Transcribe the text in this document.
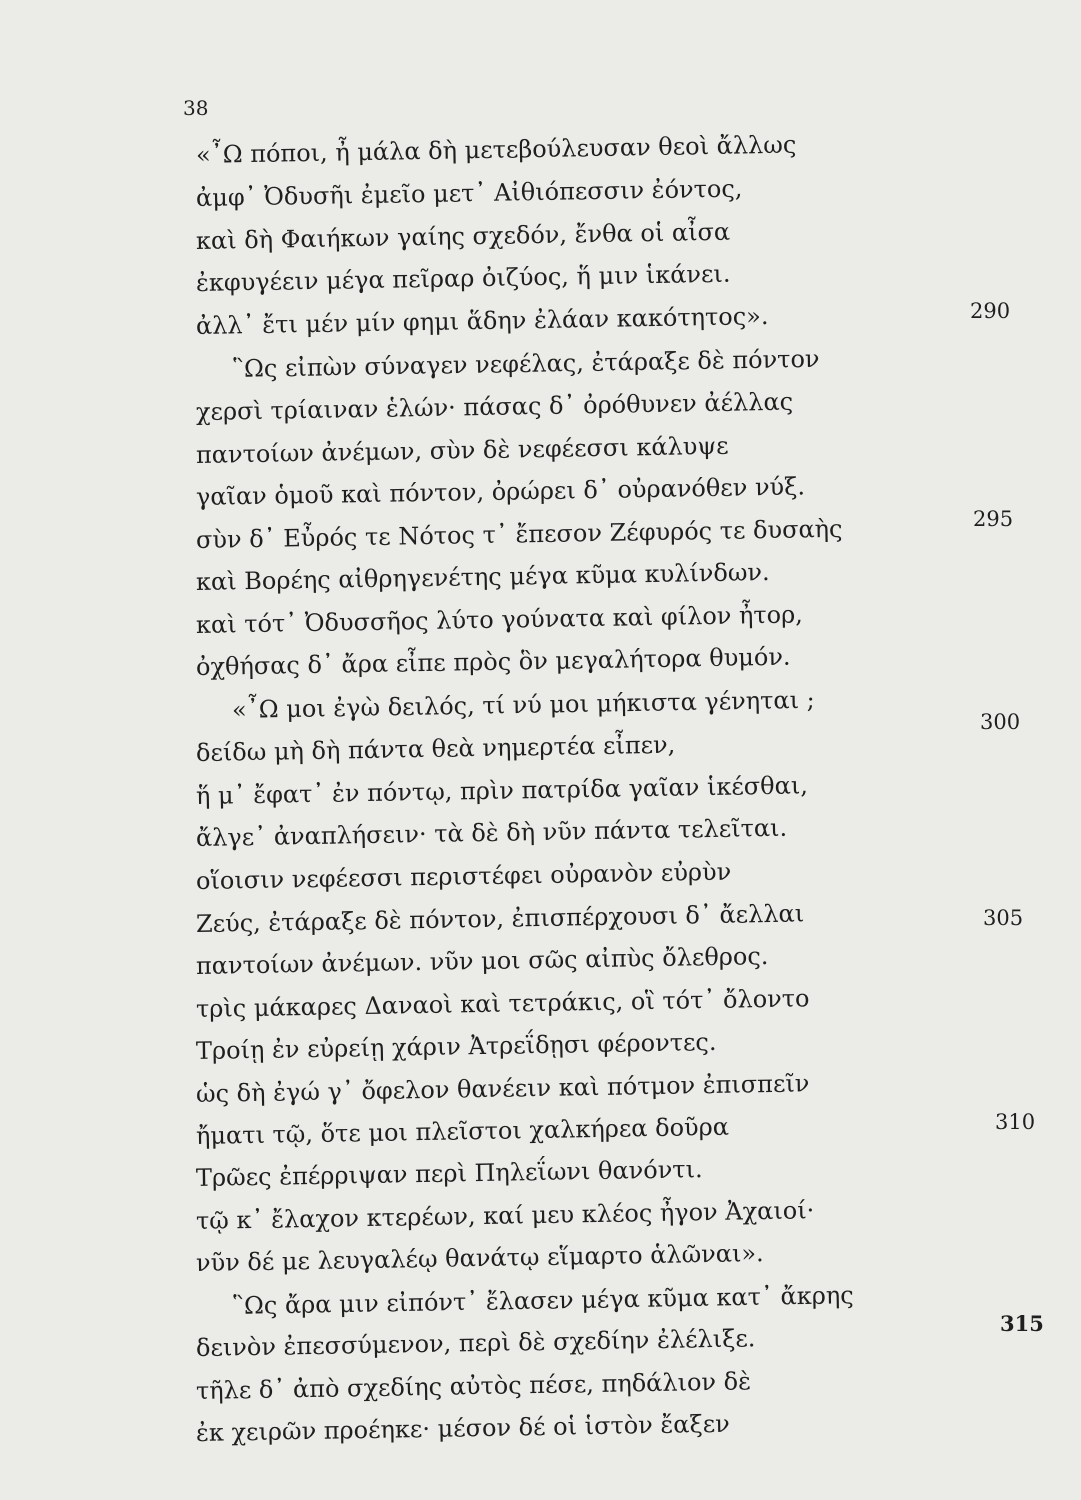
38
«῏Ω πόποι, ἦ μάλα δὴ μετεβούλευσαν θεοὶ ἄλλως
ἀμφ᾽ Ὀδυσῆι ἐμεῖο μετ᾽ Αἰθιόπεσσιν ἐόντος,
καὶ δὴ Φαιήκων γαίης σχεδόν, ἔνθα οἱ αἶσα
ἐκφυγέειν μέγα πεῖραρ ὀιζύος, ἥ μιν ἱκάνει.
ἀλλ᾽ ἔτι μέν μίν φημι ἅδην ἐλάαν κακότητος».
῝Ως εἰπὼν σύναγεν νεφέλας, ἐτάραξε δὲ πόντον
χερσὶ τρίαιναν ἑλών· πάσας δ᾽ ὀρόθυνεν ἀέλλας
παντοίων ἀνέμων, σὺν δὲ νεφέεσσι κάλυψε
γαῖαν ὁμοῦ καὶ πόντον, ὀρώρει δ᾽ οὐρανόθεν νύξ.
σὺν δ᾽ Εὖρός τε Νότος τ᾽ ἔπεσον Ζέφυρός τε δυσαὴς
καὶ Βορέης αἰθρηγενέτης μέγα κῦμα κυλίνδων.
καὶ τότ᾽ Ὀδυσσῆος λύτο γούνατα καὶ φίλον ἦτορ,
ὀχθήσας δ᾽ ἄρα εἶπε πρὸς ὃν μεγαλήτορα θυμόν.
«῏Ω μοι ἐγὼ δειλός, τί νύ μοι μήκιστα γένηται ;
δείδω μὴ δὴ πάντα θεὰ νημερτέα εἶπεν,
ἥ μ᾽ ἔφατ᾽ ἐν πόντῳ, πρὶν πατρίδα γαῖαν ἱκέσθαι,
ἄλγε᾽ ἀναπλήσειν· τὰ δὲ δὴ νῦν πάντα τελεῖται.
οἵοισιν νεφέεσσι περιστέφει οὐρανὸν εὐρὺν
Ζεύς, ἐτάραξε δὲ πόντον, ἐπισπέρχουσι δ᾽ ἄελλαι
παντοίων ἀνέμων. νῦν μοι σῶς αἰπὺς ὄλεθρος.
τρὶς μάκαρες Δαναοὶ καὶ τετράκις, οἳ τότ᾽ ὄλοντο
Τροίῃ ἐν εὐρείῃ χάριν Ἀτρεΐδῃσι φέροντες.
ὡς δὴ ἐγώ γ᾽ ὄφελον θανέειν καὶ πότμον ἐπισπεῖν
ἤματι τῷ, ὅτε μοι πλεῖστοι χαλκήρεα δοῦρα
Τρῶες ἐπέρριψαν περὶ Πηλεΐωνι θανόντι.
τῷ κ᾽ ἔλαχον κτερέων, καί μευ κλέος ἦγον Ἀχαιοί·
νῦν δέ με λευγαλέῳ θανάτῳ εἵμαρτο ἁλῶναι».
῝Ως ἄρα μιν εἰπόντ᾽ ἔλασεν μέγα κῦμα κατ᾽ ἄκρης
δεινὸν ἐπεσσύμενον, περὶ δὲ σχεδίην ἐλέλιξε.
τῆλε δ᾽ ἀπὸ σχεδίης αὐτὸς πέσε, πηδάλιον δὲ
ἐκ χειρῶν προέηκε· μέσον δέ οἱ ἱστὸν ἔαξεν
290
295
300
305
310
315
